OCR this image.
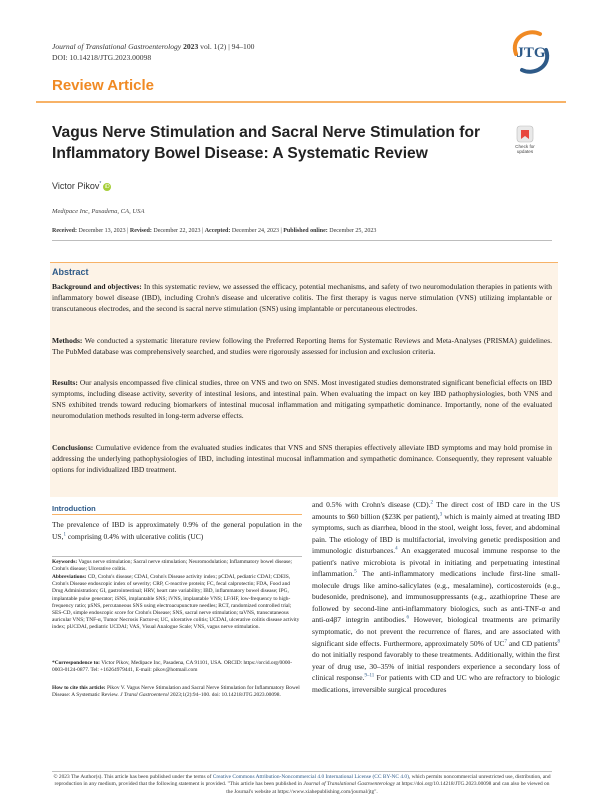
Journal of Translational Gastroenterology 2023 vol. 1(2) | 94–100
DOI: 10.14218/JTG.2023.00098	JTG
Review Article
Vagus Nerve Stimulation and Sacral Nerve Stimulation for Inflammatory Bowel Disease: A Systematic Review	Check for
updates
Victor Pikov* iD
Medipace Inc, Pasadena, CA, USA
Received: December 13, 2023 | Revised: December 22, 2023 | Accepted: December 24, 2023 | Published online: December 25, 2023
Abstract
Background and objectives: In this systematic review, we assessed the efficacy, potential mechanisms, and safety of two neuromodulation therapies in patients with inflammatory bowel disease (IBD), including Crohn's disease and ulcerative colitis. The first therapy is vagus nerve stimulation (VNS) utilizing implantable or transcutaneous electrodes, and the second is sacral nerve stimulation (SNS) using implantable or percutaneous electrodes.
Methods: We conducted a systematic literature review following the Preferred Reporting Items for Systematic Reviews and Meta-Analyses (PRISMA) guidelines. The PubMed database was comprehensively searched, and studies were rigorously assessed for inclusion and exclusion criteria.
Results: Our analysis encompassed five clinical studies, three on VNS and two on SNS. Most investigated studies demonstrated significant beneficial effects on IBD symptoms, including disease activity, severity of intestinal lesions, and intestinal pain. When evaluating the impact on key IBD pathophysiologies, both VNS and SNS exhibited trends toward reducing biomarkers of intestinal mucosal inflammation and mitigating sympathetic dominance. Importantly, none of the evaluated neuromodulation methods resulted in long-term adverse effects.
Conclusions: Cumulative evidence from the evaluated studies indicates that VNS and SNS therapies effectively alleviate IBD symptoms and may hold promise in addressing the underlying pathophysiologies of IBD, including intestinal mucosal inflammation and sympathetic dominance. Consequently, they represent valuable options for individualized IBD treatment.
Introduction
The prevalence of IBD is approximately 0.9% of the general population in the US,$^1$ comprising 0.4% with ulcerative colitis (UC)
Keywords: Vagus nerve stimulation; Sacral nerve stimulation; Neuromodulation; Inflammatory bowel disease; Crohn's disease; Ulcerative colitis.
Abbreviations: CD, Crohn's disease; CDAI, Crohn's Disease activity index; pCDAI, pediatric CDAI; CDEIS, Crohn's Disease endoscopic index of severity; CRP, C-reactive protein; FC, fecal calprotectin; FDA, Food and Drug Administration; GI, gastrointestinal; HRV, heart rate variability; IBD, inflammatory bowel disease; IPG, implantable pulse generator; iSNS, implantable SNS; iVNS, implantable VNS; LF/HF, low-frequency to high-frequency ratio; pSNS, percutaneous SNS using electroacupuncture needles; RCT, randomized controlled trial; SES-CD, simple endoscopic score for Crohn's Disease; SNS, sacral nerve stimulation; taVNS, transcutaneous auricular VNS; TNF-α, Tumor Necrosis Factor-α; UC, ulcerative colitis; UCDAI, ulcerative colitis disease activity index; pUCDAI, pediatric UCDAI; VAS, Visual Analogue Scale; VNS, vagus nerve stimulation.
*Correspondence to: Victor Pikov, Medipace Inc, Pasadena, CA 91101, USA. ORCID: https://orcid.org/0000-0003-0124-0877. Tel: +16264979441, E-mail: pikov@hotmail.com
How to cite this article: Pikov V. Vagus Nerve Stimulation and Sacral Nerve Stimulation for Inflammatory Bowel Disease: A Systematic Review. J Transl Gastroenterol 2023;1(2):94–100. doi: 10.14218/JTG.2023.00098.
and 0.5% with Crohn's disease (CD).$^2$ The direct cost of IBD care in the US amounts to $60 billion ($23K per patient),$^3$ which is mainly aimed at treating IBD symptoms, such as diarrhea, blood in the stool, weight loss, fever, and abdominal pain. The etiology of IBD is multifactorial, involving genetic predisposition and immunologic disturbances.$^4$ An exaggerated mucosal immune response to the patient's native microbiota is pivotal in initiating and perpetuating intestinal inflammation.$^5$ The anti-inflammatory medications include first-line small-molecule drugs like amino-salicylates (e.g., mesalamine), corticosteroids (e.g., budesonide, prednisone), and immunosuppressants (e.g., azathioprine These are followed by second-line anti-inflammatory biologics, such as anti-TNF-α and anti-α4β7 integrin antibodies.$^6$ However, biological treatments are primarily symptomatic, do not prevent the recurrence of flares, and are associated with significant side effects. Furthermore, approximately 50% of $UC^7$ and CD patients$^8$ do not initially respond favorably to these treatments. Additionally, within the first year of drug use, 30–35% of initial responders experience a secondary loss of clinical response.$^{9-11}$ For patients with CD and UC who are refractory to biologic medications, irreversible surgical procedures
© 2023 The Author(s). This article has been published under the terms of Creative Commons Attribution-Noncommercial 4.0 International License (CC BY-NC 4.0), which permits noncommercial unrestricted use, distribution, and reproduction in any medium, provided that the following statement is provided. "This article has been published in Journal of Translational Gastroenterology at https://doi.org/10.14218/JTG.2023.00098 and can also be viewed on the Journal's website at https://www.xiahepublishing.com/journal/jtg".
